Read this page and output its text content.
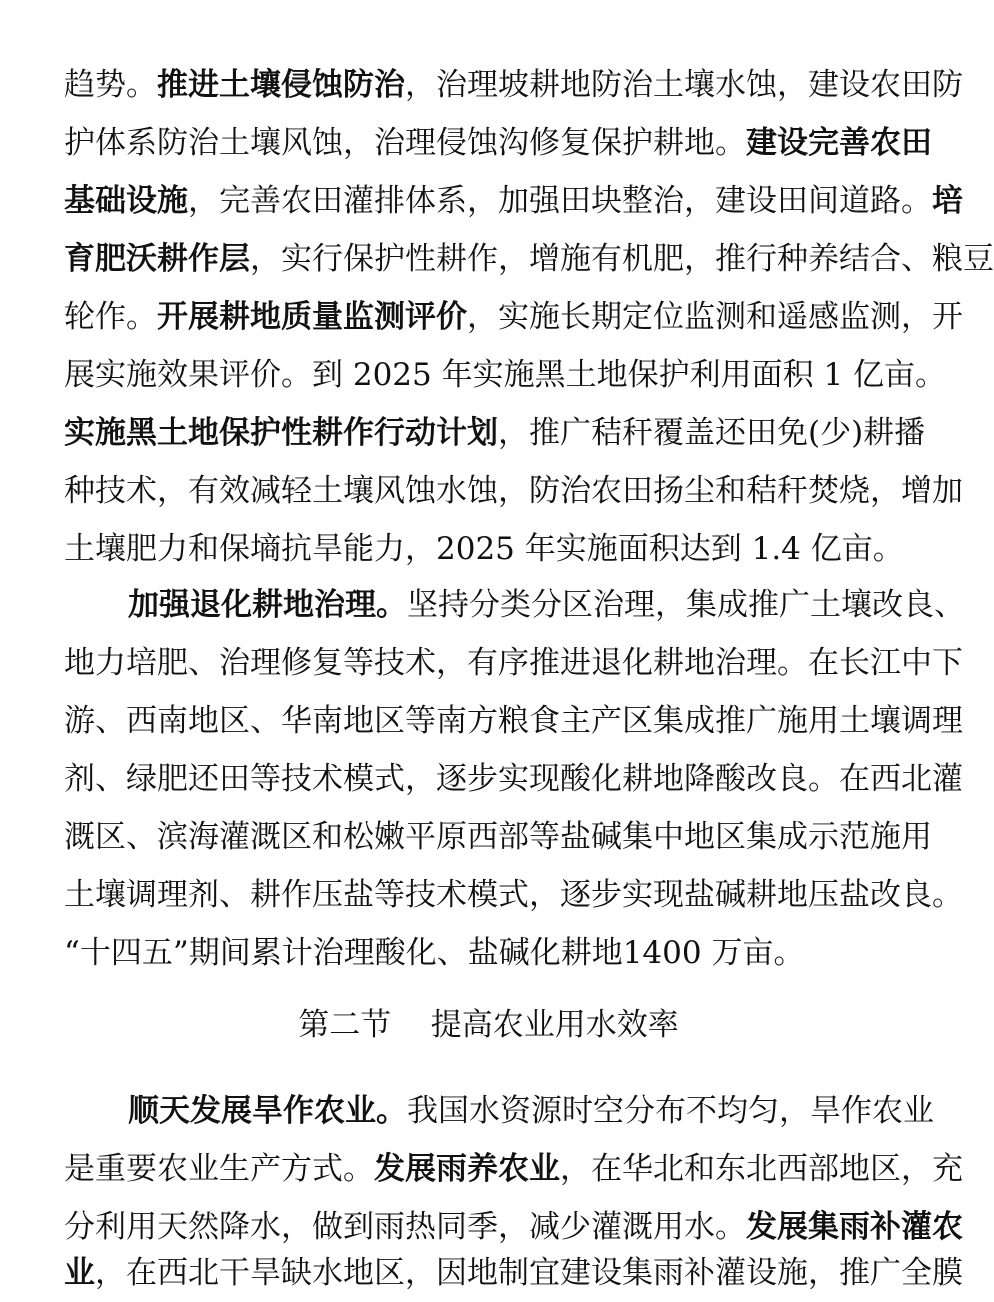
趋势。推进土壤侵蚀防治，治理坡耕地防治土壤水蚀，建设农田防
护体系防治土壤风蚀，治理侵蚀沟修复保护耕地。建设完善农田
基础设施，完善农田灌排体系，加强田块整治，建设田间道路。培
育肥沃耕作层，实行保护性耕作，增施有机肥，推行种养结合、粮豆
轮作。开展耕地质量监测评价，实施长期定位监测和遥感监测，开
展实施效果评价。到 2025 年实施黑土地保护利用面积 1 亿亩。
实施黑土地保护性耕作行动计划，推广秸秆覆盖还田免(少)耕播
种技术，有效减轻土壤风蚀水蚀，防治农田扬尘和秸秆焚烧，增加
土壤肥力和保墒抗旱能力，2025 年实施面积达到 1.4 亿亩。
加强退化耕地治理。坚持分类分区治理，集成推广土壤改良、
地力培肥、治理修复等技术，有序推进退化耕地治理。在长江中下
游、西南地区、华南地区等南方粮食主产区集成推广施用土壤调理
剂、绿肥还田等技术模式，逐步实现酸化耕地降酸改良。在西北灌
溉区、滨海灌溉区和松嫩平原西部等盐碱集中地区集成示范施用
土壤调理剂、耕作压盐等技术模式，逐步实现盐碱耕地压盐改良。
“十四五”期间累计治理酸化、盐碱化耕地1400 万亩。
第二节 提高农业用水效率
顺天发展旱作农业。我国水资源时空分布不均匀，旱作农业
是重要农业生产方式。发展雨养农业，在华北和东北西部地区，充
分利用天然降水，做到雨热同季，减少灌溉用水。发展集雨补灌农
业，在西北干旱缺水地区，因地制宜建设集雨补灌设施，推广全膜
